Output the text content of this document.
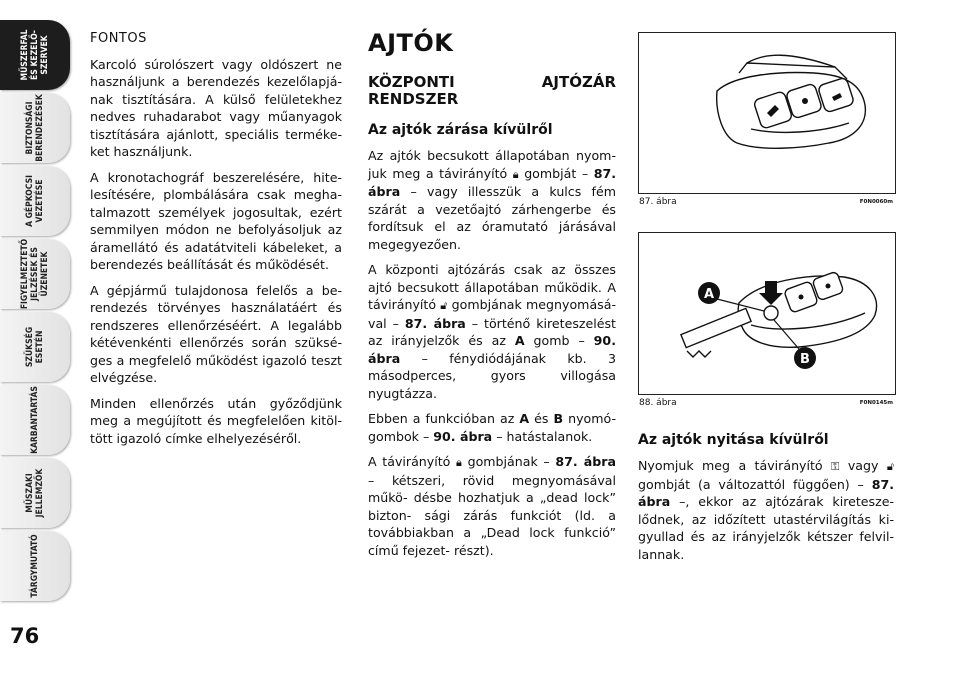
MŰSZERFAL
ÉS KEZELŐ-
SZERVEK
BIZTONSÁGI
BERENDEZÉSEK
A GÉPKOCSI
VEZETÉSE
FIGYELMEZTETŐ
JELZÉSEK ÉS
ÜZENETEK
SZÜKSÉG
ESETÉN
KARBANTARTÁS
MŰSZAKI
JELLEMZŐK
TÁRGYMUTATÓ
76

FONTOS

Karcoló súrolószert vagy oldószert ne használjunk a berendezés kezelőlapjá- nak tisztítására. A külső felületekhez nedves ruhadarabot vagy műanyagok tisztítására ajánlott, speciális terméke- ket használjunk.

A kronotachográf beszerelésére, hite- lesítésére, plombálására csak megha- talmazott személyek jogosultak, ezért semmilyen módon ne befolyásoljuk az áramellátó és adatátviteli kábeleket, a berendezés beállítását és működését.

A gépjármű tulajdonosa felelős a be- rendezés törvényes használatáért és rendszeres ellenőrzéséért. A legalább kétévenkénti ellenőrzés során szüksé- ges a megfelelő működést igazoló teszt elvégzése.

Minden ellenőrzés után győződjünk meg a megújított és megfelelően kitöl- tött igazoló címke elhelyezéséről.

AJTÓK

KÖZPONTI AJTÓZÁR RENDSZER

Az ajtók zárása kívülről

Az ajtók becsukott állapotában nyom- juk meg a távirányító 🔒︎ gombját – 87. ábra – vagy illesszük a kulcs fém szárát a vezetőajtó zárhengerbe és fordítsuk el az óramutató járásával megegyezően.

A központi ajtózárás csak az összes ajtó becsukott állapotában működik. A távirányító 🔓︎ gombjának megnyomásá- val – 87. ábra – történő kireteszelést az irányjelzők és az A gomb – 90. ábra – fénydiódájának kb. 3 másodperces, gyors villogása nyugtázza.

Ebben a funkcióban az A és B nyomó- gombok – 90. ábra – hatástalanok.

A távirányító 🔒︎ gombjának – 87. ábra – kétszeri, rövid megnyomásával műkö- désbe hozhatjuk a „dead lock” bizton- sági zárás funkciót (ld. a továbbiakban a „Dead lock funkció” című fejezet- részt).

87. ábra	F0N0060m
A
B
88. ábra	F0N0145m

Az ajtók nyitása kívülről

Nyomjuk meg a távirányító ⚿ vagy 🔓︎ gombját (a változattól függően) – 87. ábra –, ekkor az ajtózárak kiretesze- lődnek, az időzített utastérvilágítás ki- gyullad és az irányjelzők kétszer felvil- lannak.
